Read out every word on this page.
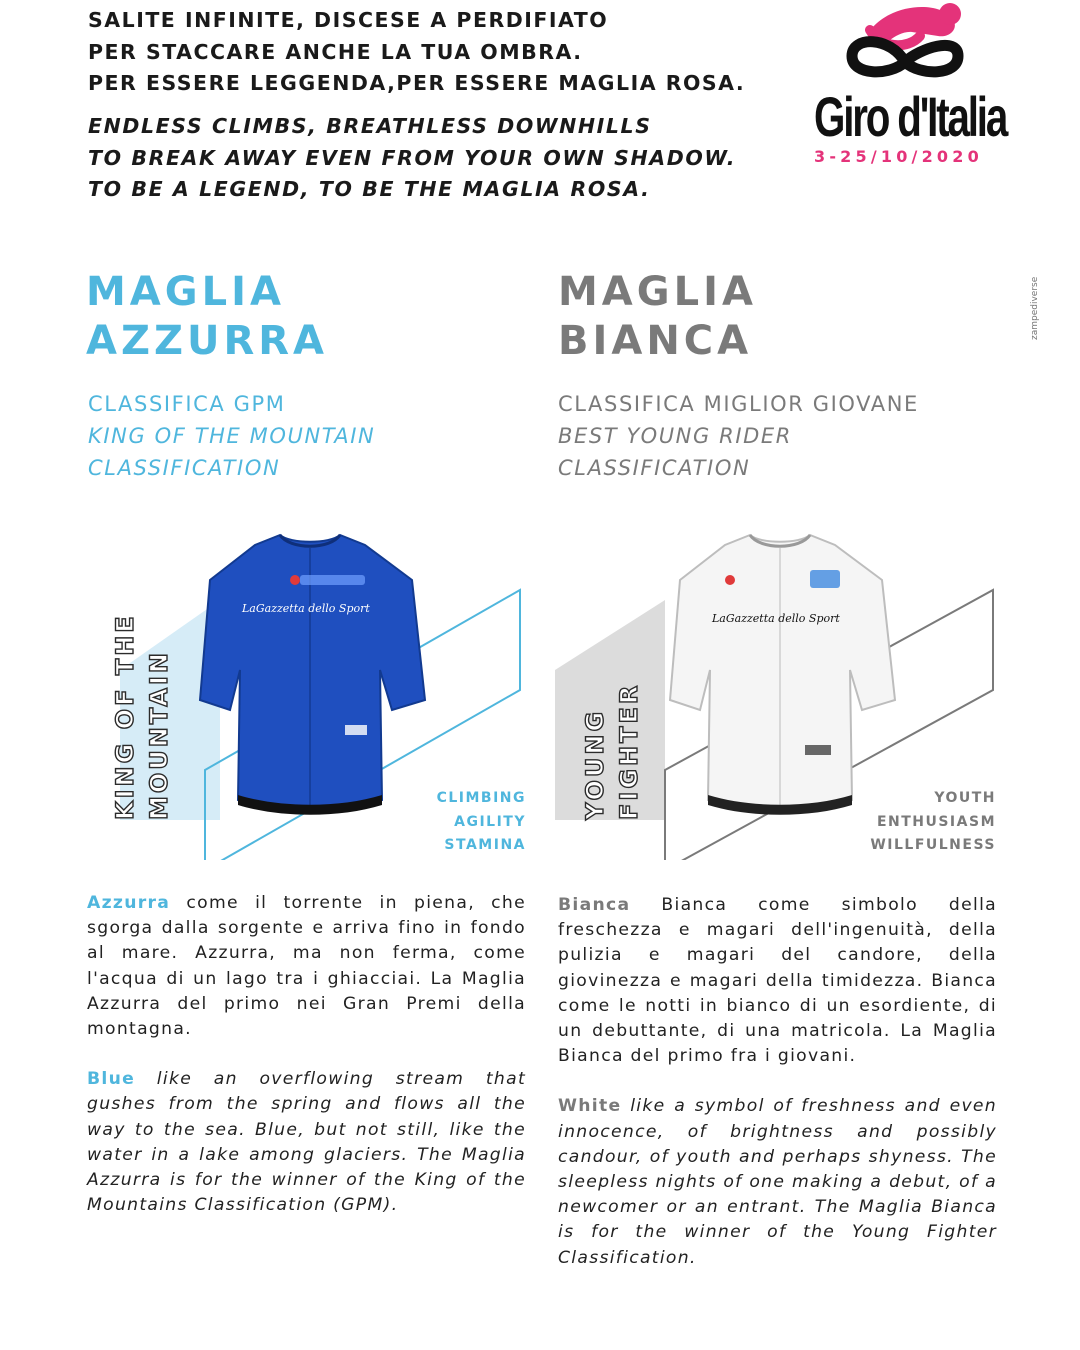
SALITE INFINITE, DISCESE A PERDIFIATO
PER STACCARE ANCHE LA TUA OMBRA.
PER ESSERE LEGGENDA,PER ESSERE MAGLIA ROSA.
ENDLESS CLIMBS, BREATHLESS DOWNHILLS
TO BREAK AWAY EVEN FROM YOUR OWN SHADOW.
TO BE A LEGEND, TO BE THE MAGLIA ROSA.
Giro d'Italia
3-25/10/2020
zampediverse
MAGLIA
AZZURRA
CLASSIFICA GPM
KING OF THE MOUNTAIN
CLASSIFICATION
MAGLIA
BIANCA
CLASSIFICA MIGLIOR GIOVANE
BEST YOUNG RIDER
CLASSIFICATION
LaGazzetta dello Sport
KING OF THE MOUNTAIN	CLIMBING
AGILITY
STAMINA
LaGazzetta dello Sport
YOUNG FIGHTER	YOUTH
ENTHUSIASM
WILLFULNESS

Azzurra come il torrente in piena, che sgorga dalla sorgente e arriva fino in fondo al mare. Azzurra, ma non ferma, come l'acqua di un lago tra i ghiacciai. La Maglia Azzurra del primo nei Gran Premi della montagna.

Blue like an overflowing stream that gushes from the spring and flows all the way to the sea. Blue, but not still, like the water in a lake among glaciers. The Maglia Azzurra is for the winner of the King of the Mountains Classification (GPM).

Bianca Bianca come simbolo della freschezza e magari dell'ingenuità, della pulizia e magari del candore, della giovinezza e magari della timidezza. Bianca come le notti in bianco di un esordiente, di un debuttante, di una matricola. La Maglia Bianca del primo fra i giovani.

White like a symbol of freshness and even innocence, of brightness and possibly candour, of youth and perhaps shyness. The sleepless nights of one making a debut, of a newcomer or an entrant. The Maglia Bianca is for the winner of the Young Fighter Classification.
